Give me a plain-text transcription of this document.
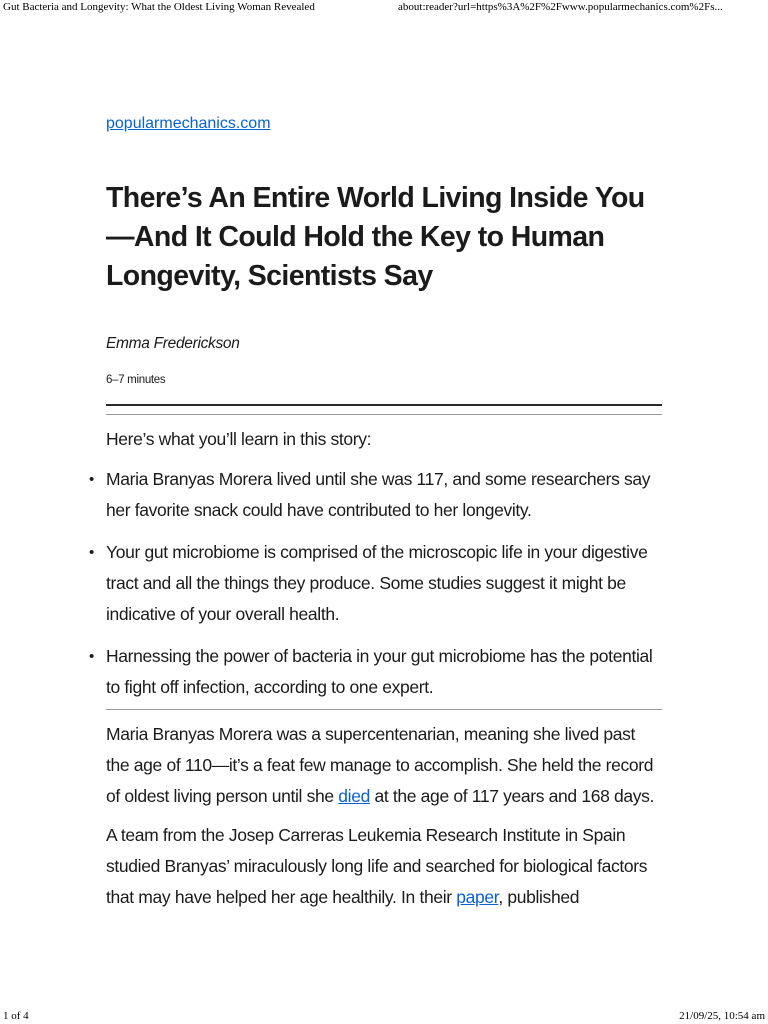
Gut Bacteria and Longevity: What the Oldest Living Woman Revealed	about:reader?url=https%3A%2F%2Fwww.popularmechanics.com%2Fs...
popularmechanics.com
There’s An Entire World Living Inside You—And It Could Hold the Key to Human Longevity, Scientists Say
Emma Frederickson
6–7 minutes

Here’s what you’ll learn in this story:

• Maria Branyas Morera lived until she was 117, and some researchers say her favorite snack could have contributed to her longevity.
• Your gut microbiome is comprised of the microscopic life in your digestive tract and all the things they produce. Some studies suggest it might be indicative of your overall health.
• Harnessing the power of bacteria in your gut microbiome has the potential to fight off infection, according to one expert.

Maria Branyas Morera was a supercentenarian, meaning she lived past the age of 110—it’s a feat few manage to accomplish. She held the record of oldest living person until she died at the age of 117 years and 168 days.

A team from the Josep Carreras Leukemia Research Institute in Spain studied Branyas’ miraculously long life and searched for biological factors that may have helped her age healthily. In their paper, published

1 of 4	21/09/25, 10:54 am
